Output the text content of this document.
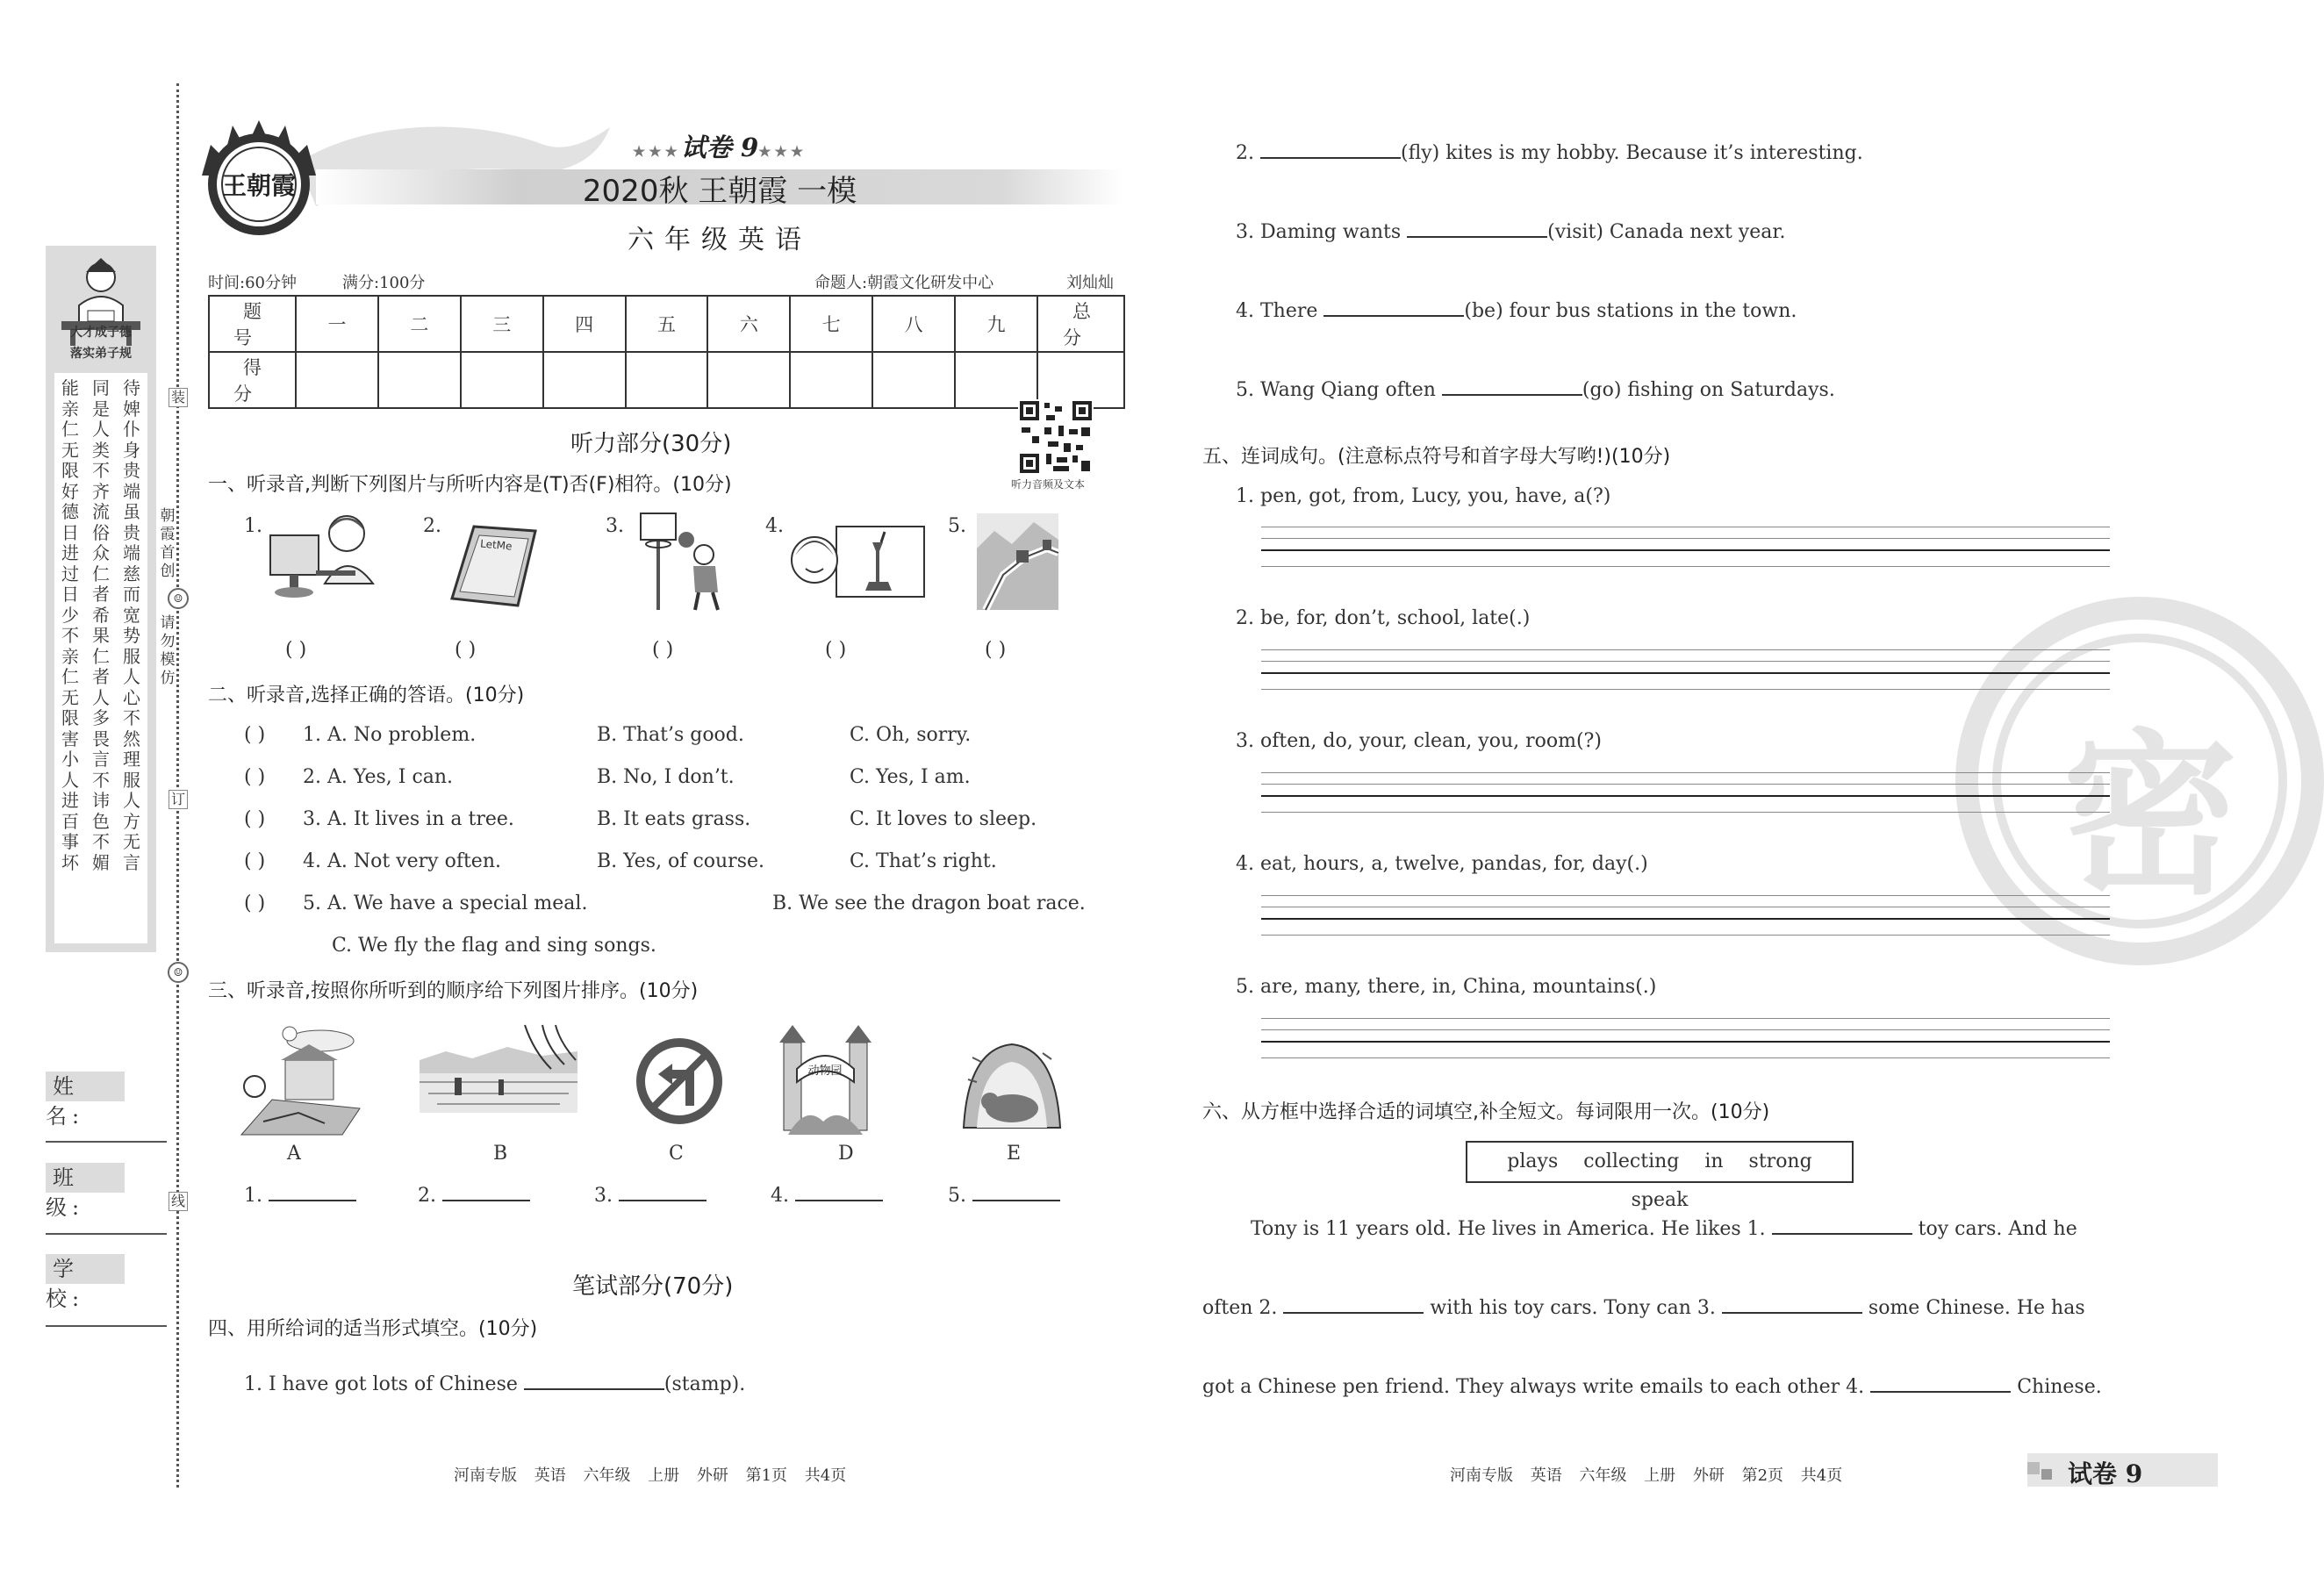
装
订
线
☺
☺
朝霞首创
请勿模仿
大才成子德
落实弟子规
能亲仁无限好德日进过日少不亲仁无限害小人进百事坏
同是人类不齐流俗众仁者希果仁者人多畏言不讳色不媚
待婢仆身贵端虽贵端慈而宽势服人心不然理服人方无言
姓 名:
班 级:
学 校:
王朝霞
★★★试卷 9★★★
2020秋 王朝霞 一模
六年级英语
时间:60分钟	满分:100分	命题人:朝霞文化研发中心	刘灿灿
题 号	一	二	三	四	五	六	七	八	九	总 分
得 分										
听力部分(30分)
听力音频及文本
一、听录音,判断下列图片与所听内容是(T)否(F)相符。(10分)
1.
( )
2.
LetMe
( )
3.
( )
4.
( )
5.
( )
二、听录音,选择正确的答语。(10分)
( ) 1. A. No problem.	B. That’s good.	C. Oh, sorry.
( ) 2. A. Yes, I can.	B. No, I don’t.	C. Yes, I am.
( ) 3. A. It lives in a tree.	B. It eats grass.	C. It loves to sleep.
( ) 4. A. Not very often.	B. Yes, of course.	C. That’s right.
( ) 5. A. We have a special meal.	B. We see the dragon boat race.
C. We fly the flag and sing songs.
三、听录音,按照你所听到的顺序给下列图片排序。(10分)
A	B	C
动物园
D	E
1.	2.	3.	4.	5.
笔试部分(70分)
四、用所给词的适当形式填空。(10分)
1. I have got lots of Chinese	(stamp).
2.	(fly) kites is my hobby. Because it’s interesting.
3. Daming wants	(visit) Canada next year.
4. There	(be) four bus stations in the town.
5. Wang Qiang often	(go) fishing on Saturdays.
密
五、连词成句。(注意标点符号和首字母大写哟!)(10分)
1. pen, got, from, Lucy, you, have, a(?)
2. be, for, don’t, school, late(.)
3. often, do, your, clean, you, room(?)
4. eat, hours, a, twelve, pandas, for, day(.)
5. are, many, there, in, China, mountains(.)
六、从方框中选择合适的词填空,补全短文。每词限用一次。(10分)
plays collecting in strong speak
Tony is 11 years old. He lives in America. He likes 1.	toy cars. And he
often 2.	with his toy cars. Tony can 3.	some Chinese. He has
got a Chinese pen friend. They always write emails to each other 4.	Chinese.
河南专版 英语 六年级 上册 外研 第1页 共4页	河南专版 英语 六年级 上册 外研 第2页 共4页	试卷 9
